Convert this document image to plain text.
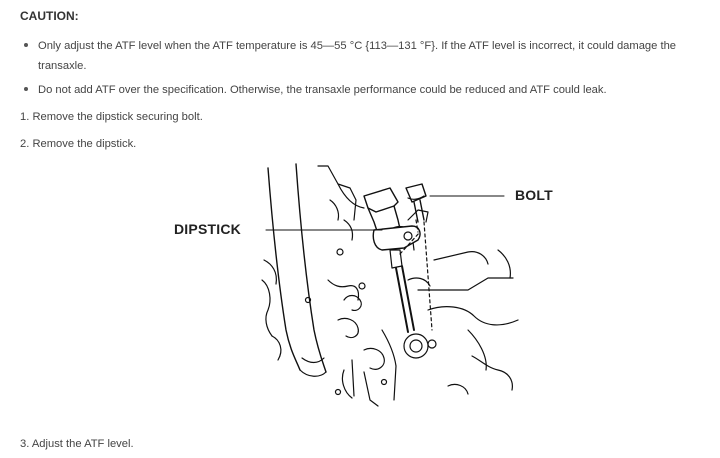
CAUTION:
Only adjust the ATF level when the ATF temperature is 45—55 °C {113—131 °F}. If the ATF level is incorrect, it could damage the transaxle.
Do not add ATF over the specification. Otherwise, the transaxle performance could be reduced and ATF could leak.
1. Remove the dipstick securing bolt.
2. Remove the dipstick.
BOLT
DIPSTICK
3. Adjust the ATF level.
